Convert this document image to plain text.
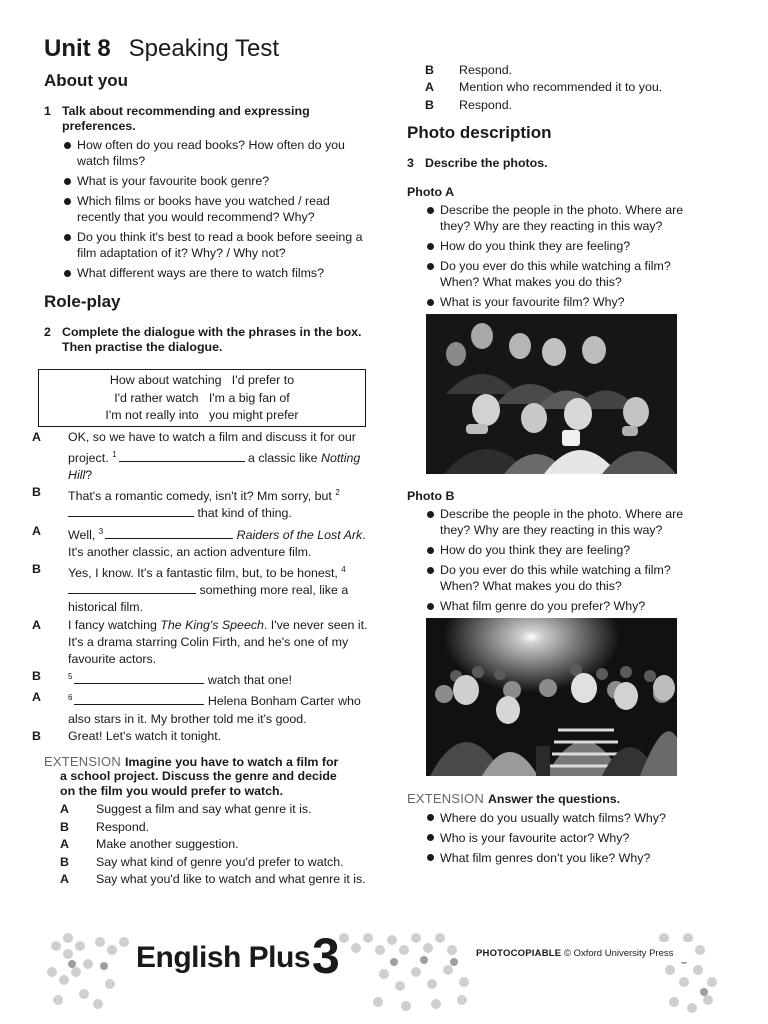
Unit 8 Speaking Test
About you
1 Talk about recommending and expressing preferences.
How often do you read books? How often do you watch films?
What is your favourite book genre?
Which films or books have you watched / read recently that you would recommend? Why?
Do you think it's best to read a book before seeing a film adaptation of it? Why? / Why not?
What different ways are there to watch films?
Role-play
2 Complete the dialogue with the phrases in the box. Then practise the dialogue.
How about watching   I'd prefer to
I'd rather watch   I'm a big fan of
I'm not really into   you might prefer
A	OK, so we have to watch a film and discuss it for our project. $^1$	a classic like Notting Hill?
B	That's a romantic comedy, isn't it? Mm sorry, but $^2$ that kind of thing.
A	Well, $^3$	Raiders of the Lost Ark. It's another classic, an action adventure film.
B	Yes, I know. It's a fantastic film, but, to be honest, $^4$ something more real, like a historical film.
A	I fancy watching The King's Speech. I've never seen it. It's a drama starring Colin Firth, and he's one of my favourite actors.
B	$^5$	watch that one!
A	$^6$	Helena Bonham Carter who also stars in it. My brother told me it's good.
B	Great! Let's watch it tonight.
EXTENSION Imagine you have to watch a film for
a school project. Discuss the genre and decide
on the film you would prefer to watch.
A	Suggest a film and say what genre it is.
B	Respond.
A	Make another suggestion.
B	Say what kind of genre you'd prefer to watch.
A	Say what you'd like to watch and what genre it is.
B	Respond.
A	Mention who recommended it to you.
B	Respond.
Photo description
3 Describe the photos.
Photo A
Describe the people in the photo. Where are they? Why are they reacting in this way?
How do you think they are feeling?
Do you ever do this while watching a film? When? What makes you do this?
What is your favourite film? Why?
Photo B
Describe the people in the photo. Where are they? Why are they reacting in this way?
How do you think they are feeling?
Do you ever do this while watching a film? When? What makes you do this?
What film genre do you prefer? Why?
EXTENSION Answer the questions.
Where do you usually watch films? Why?
Who is your favourite actor? Why?
What film genres don't you like? Why?
English Plus 3	PHOTOCOPIABLE © Oxford University Press
